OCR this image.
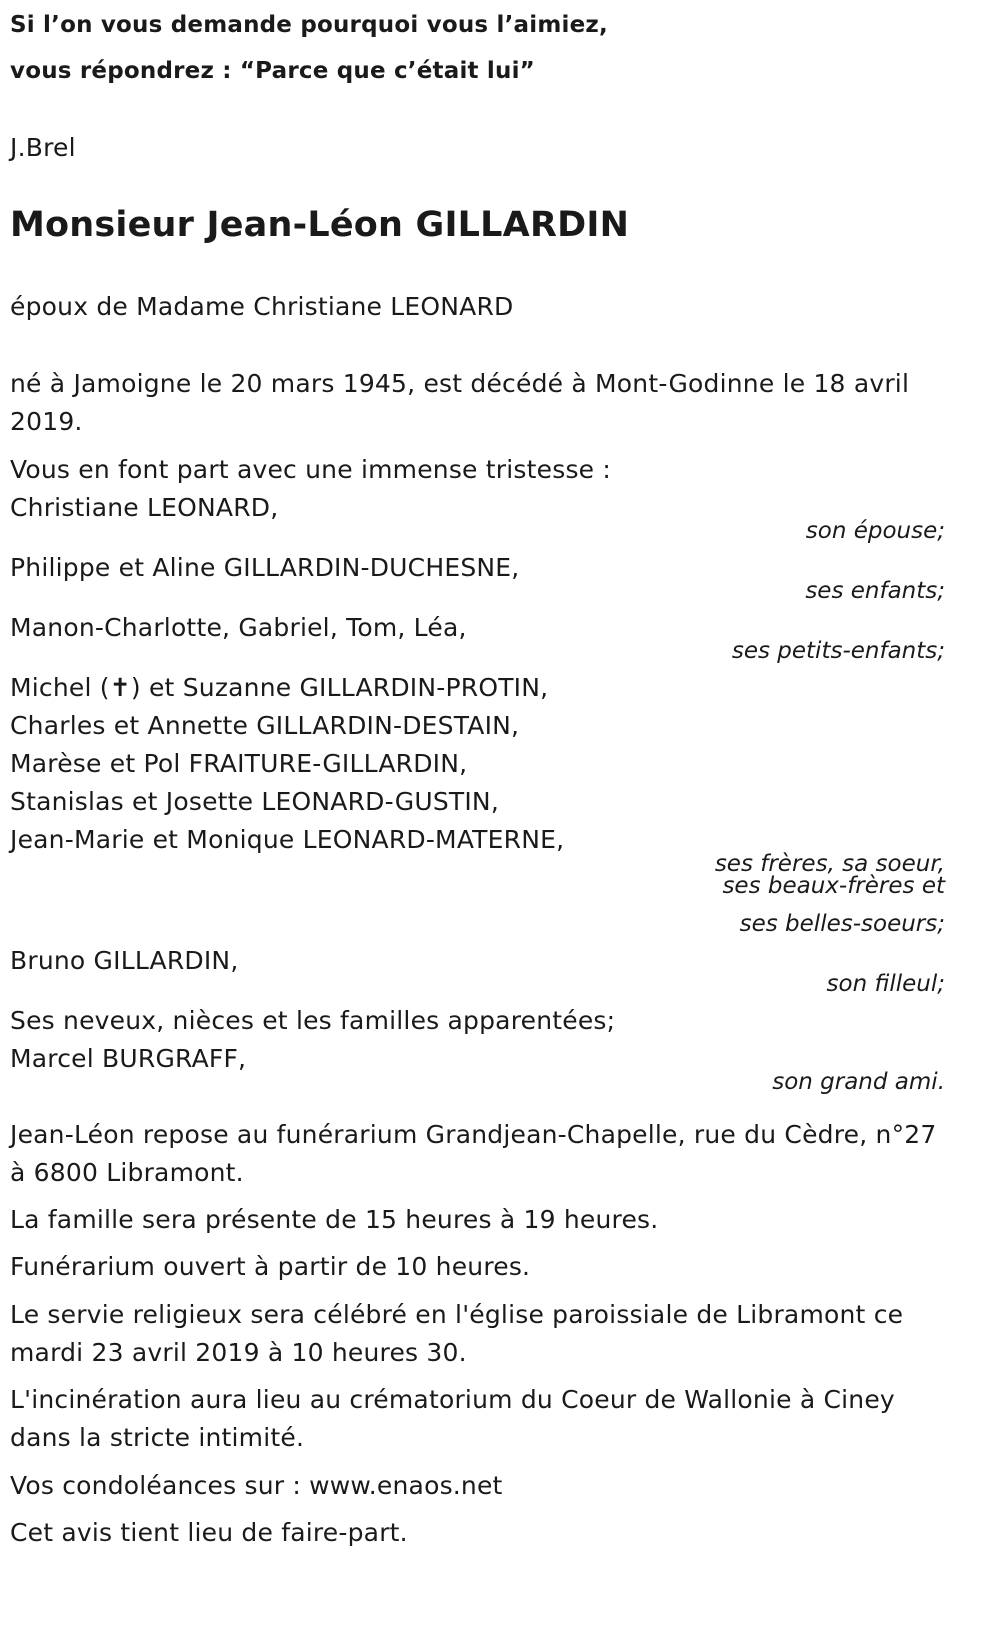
Si l’on vous demande pourquoi vous l’aimiez,
vous répondrez : “Parce que c’était lui”
J.Brel
Monsieur Jean-Léon GILLARDIN
époux de Madame Christiane LEONARD
né à Jamoigne le 20 mars 1945, est décédé à Mont-Godinne le 18 avril
2019.
Vous en font part avec une immense tristesse :
Christiane LEONARD,
son épouse;
Philippe et Aline GILLARDIN-DUCHESNE,
ses enfants;
Manon-Charlotte, Gabriel, Tom, Léa,
ses petits-enfants;
Michel (✝) et Suzanne GILLARDIN-PROTIN,
Charles et Annette GILLARDIN-DESTAIN,
Marèse et Pol FRAITURE-GILLARDIN,
Stanislas et Josette LEONARD-GUSTIN,
Jean-Marie et Monique LEONARD-MATERNE,
ses frères, sa soeur,
ses beaux-frères et
ses belles-soeurs;
Bruno GILLARDIN,
son filleul;
Ses neveux, nièces et les familles apparentées;
Marcel BURGRAFF,
son grand ami.
Jean-Léon repose au funérarium Grandjean-Chapelle, rue du Cèdre, n°27
à 6800 Libramont.
La famille sera présente de 15 heures à 19 heures.
Funérarium ouvert à partir de 10 heures.
Le servie religieux sera célébré en l'église paroissiale de Libramont ce
mardi 23 avril 2019 à 10 heures 30.
L'incinération aura lieu au crématorium du Coeur de Wallonie à Ciney
dans la stricte intimité.
Vos condoléances sur : www.enaos.net
Cet avis tient lieu de faire-part.
